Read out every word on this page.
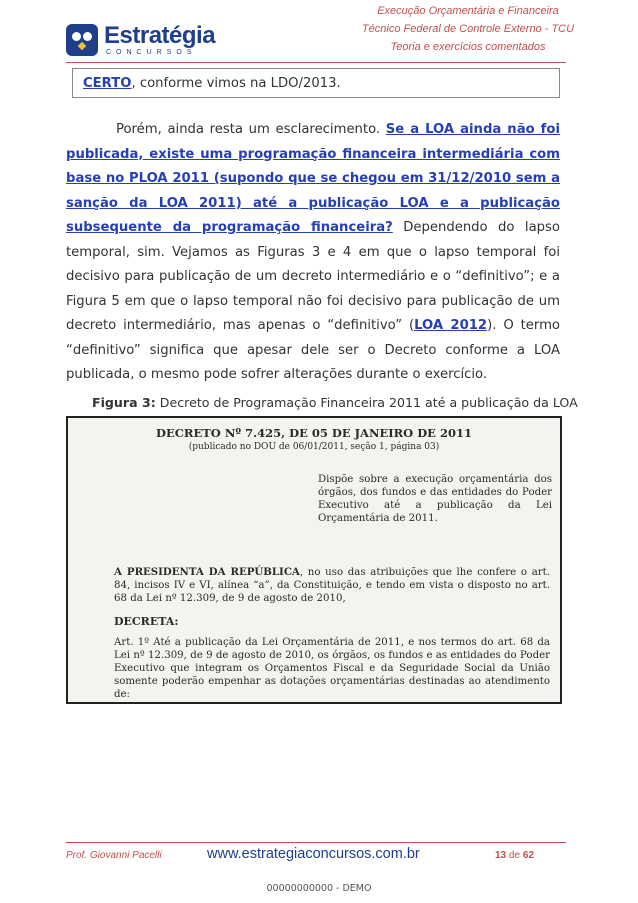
Estratégia
CONCURSOS
Execução Orçamentária e Financeira
Técnico Federal de Controle Externo - TCU
Teoria e exercícios comentados
CERTO, conforme vimos na LDO/2013.
Porém, ainda resta um esclarecimento. Se a LOA ainda não foi publicada, existe uma programação financeira intermediária com base no PLOA 2011 (supondo que se chegou em 31/12/2010 sem a sanção da LOA 2011) até a publicação LOA e a publicação subsequente da programação financeira? Dependendo do lapso temporal, sim. Vejamos as Figuras 3 e 4 em que o lapso temporal foi decisivo para publicação de um decreto intermediário e o “definitivo”; e a Figura 5 em que o lapso temporal não foi decisivo para publicação de um decreto intermediário, mas apenas o “definitivo” (LOA 2012). O termo “definitivo” significa que apesar dele ser o Decreto conforme a LOA publicada, o mesmo pode sofrer alterações durante o exercício.
Figura 3: Decreto de Programação Financeira 2011 até a publicação da LOA
DECRETO Nº 7.425, DE 05 DE JANEIRO DE 2011
(publicado no DOU de 06/01/2011, seção 1, página 03)
Dispõe sobre a execução orçamentária dos órgãos, dos fundos e das entidades do Poder Executivo até a publicação da Lei Orçamentária de 2011.
A PRESIDENTA DA REPÚBLICA, no uso das atribuições que lhe confere o art. 84, incisos IV e VI, alínea “a”, da Constituição, e tendo em vista o disposto no art. 68 da Lei nº 12.309, de 9 de agosto de 2010,
DECRETA:
Art. 1º Até a publicação da Lei Orçamentária de 2011, e nos termos do art. 68 da Lei nº 12.309, de 9 de agosto de 2010, os órgãos, os fundos e as entidades do Poder Executivo que integram os Orçamentos Fiscal e da Seguridade Social da União somente poderão empenhar as dotações orçamentárias destinadas ao atendimento de:
Prof. Giovanni Pacelli	www.estrategiaconcursos.com.br	13 de 62
00000000000 - DEMO
